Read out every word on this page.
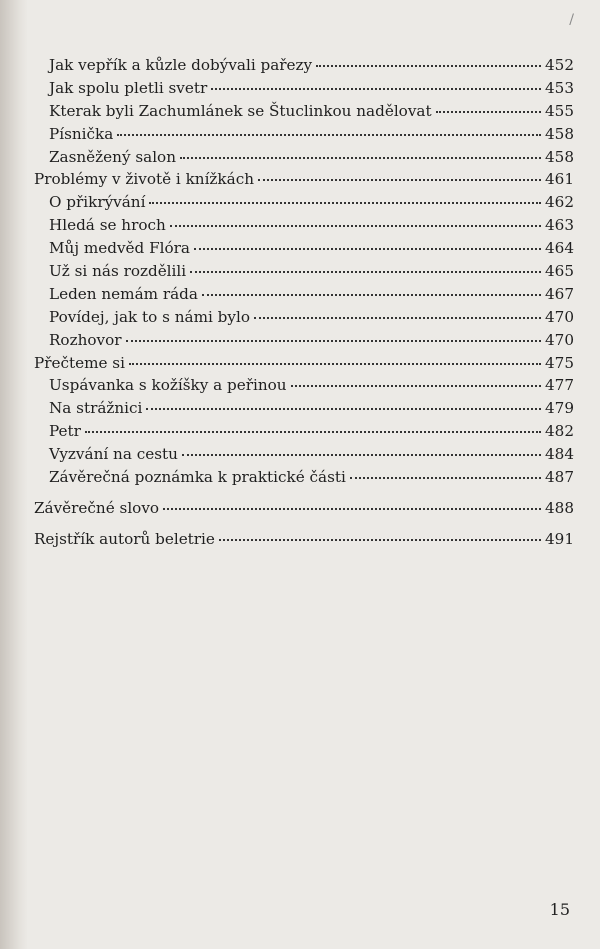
/
Jak vepřík a kůzle dobývali pařezy	452
Jak spolu pletli svetr	453
Kterak byli Zachumlánek se Štuclinkou nadělovat	455
Písnička	458
Zasněžený salon	458
Problémy v životě i knížkách	461
O přikrývání	462
Hledá se hroch	463
Můj medvěd Flóra	464
Už si nás rozdělili	465
Leden nemám ráda	467
Povídej, jak to s námi bylo	470
Rozhovor	470
Přečteme si	475
Uspávanka s kožíšky a peřinou	477
Na strážnici	479
Petr	482
Vyzvání na cestu	484
Závěrečná poznámka k praktické části	487
Závěrečné slovo	488
Rejstřík autorů beletrie	491
15
